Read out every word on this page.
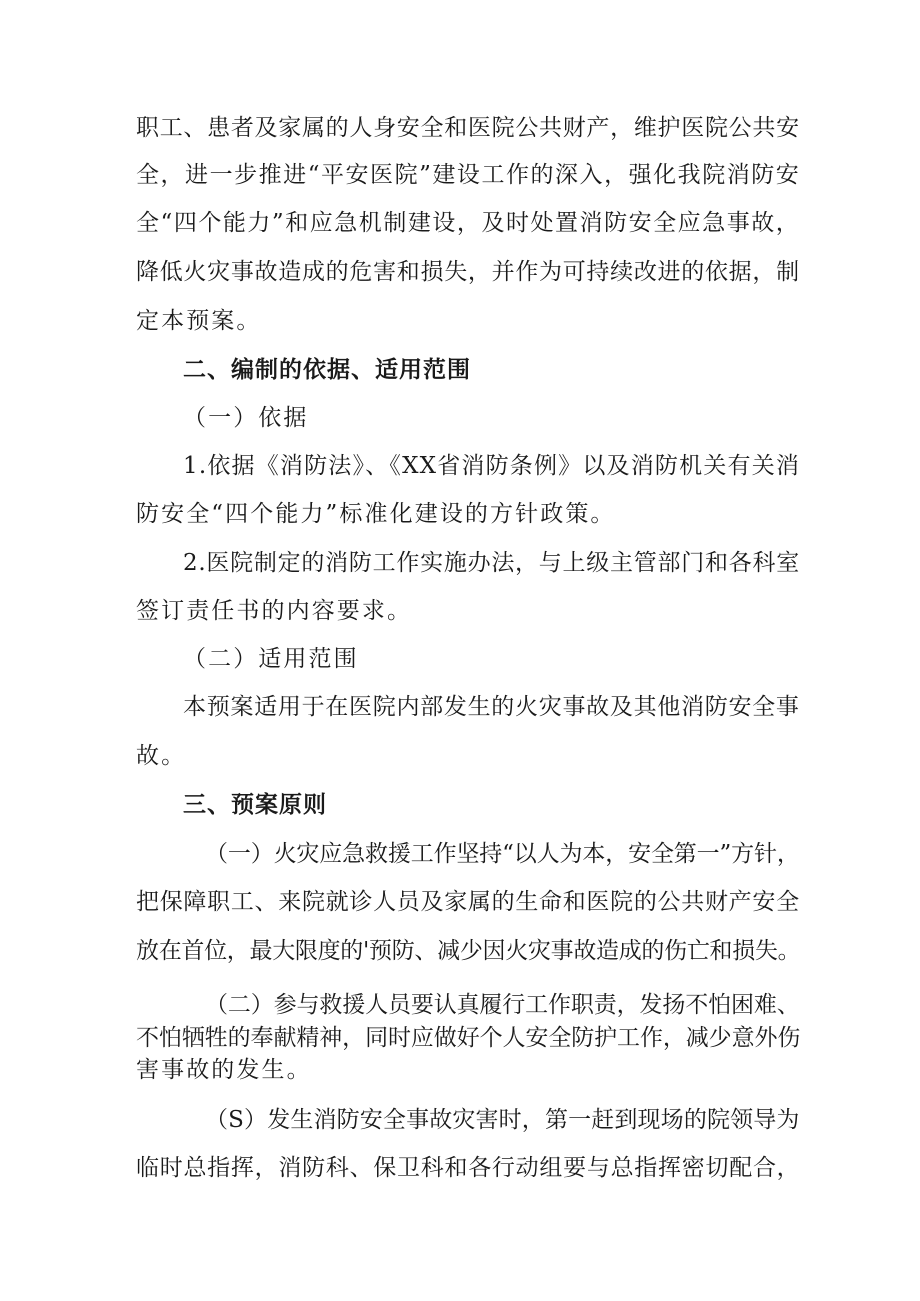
职工、患者及家属的人身安全和医院公共财产，维护医院公共安
全，进一步推进“平安医院”建设工作的深入，强化我院消防安
全“四个能力”和应急机制建设，及时处置消防安全应急事故，
降低火灾事故造成的危害和损失，并作为可持续改进的依据，制
定本预案。
二、编制的依据、适用范围
（一）依据
1.依据《消防法》、《XX省消防条例》以及消防机关有关消
防安全“四个能力”标准化建设的方针政策。
2.医院制定的消防工作实施办法，与上级主管部门和各科室
签订责任书的内容要求。
（二）适用范围
本预案适用于在医院内部发生的火灾事故及其他消防安全事
故。
三、预案原则
（一）火灾应急救援工作坚持“以人为本，安全第一”方针，
把保障职工、来院就诊人员及家属的生命和医院的公共财产安全
放在首位，最大限度的'预防、减少因火灾事故造成的伤亡和损失。
（二）参与救援人员要认真履行工作职责，发扬不怕困难、
不怕牺牲的奉献精神，同时应做好个人安全防护工作，减少意外伤
害事故的发生。
（S）发生消防安全事故灾害时，第一赶到现场的院领导为
临时总指挥，消防科、保卫科和各行动组要与总指挥密切配合，
